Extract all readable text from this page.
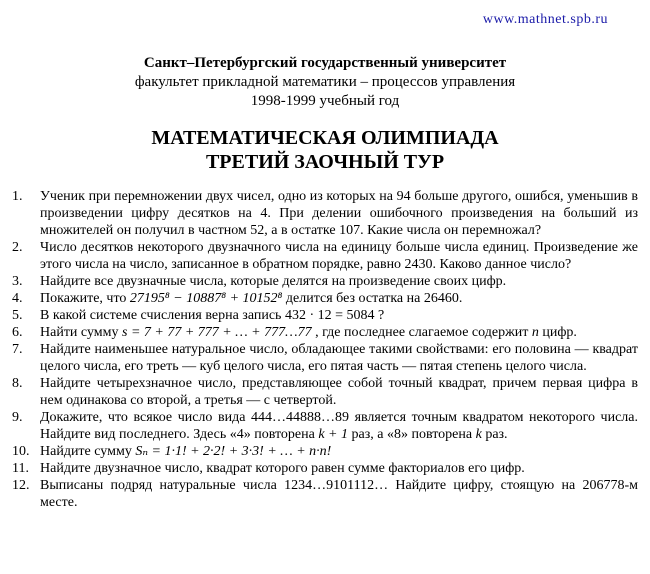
www.mathnet.spb.ru
Санкт–Петербургский государственный университет
факультет прикладной математики – процессов управления
1998-1999 учебный год
МАТЕМАТИЧЕСКАЯ ОЛИМПИАДА
ТРЕТИЙ ЗАОЧНЫЙ ТУР
1. Ученик при перемножении двух чисел, одно из которых на 94 больше другого, ошибся, уменьшив в произведении цифру десятков на 4. При делении ошибочного произведения на больший из множителей он получил в частном 52, а в остатке 107. Какие числа он перемножал?
2. Число десятков некоторого двузначного числа на единицу больше числа единиц. Произведение же этого числа на число, записанное в обратном порядке, равно 2430. Каково данное число?
3. Найдите все двузначные числа, которые делятся на произведение своих цифр.
4. Покажите, что 27195⁸ − 10887⁸ + 10152⁸ делится без остатка на 26460.
5. В какой системе счисления верна запись 432 · 12 = 5084 ?
6. Найти сумму s = 7 + 77 + 777 + … + 777…77 , где последнее слагаемое содержит n цифр.
7. Найдите наименьшее натуральное число, обладающее такими свойствами: его половина — квадрат целого числа, его треть — куб целого числа, его пятая часть — пятая степень целого числа.
8. Найдите четырехзначное число, представляющее собой точный квадрат, причем первая цифра в нем одинакова со второй, а третья — с четвертой.
9. Докажите, что всякое число вида 444…44888…89 является точным квадратом некоторого числа. Найдите вид последнего. Здесь «4» повторена k + 1 раз, а «8» повторена k раз.
10. Найдите сумму Sₙ = 1·1! + 2·2! + 3·3! + … + n·n!
11. Найдите двузначное число, квадрат которого равен сумме факториалов его цифр.
12. Выписаны подряд натуральные числа 1234…9101112… Найдите цифру, стоящую на 206778-м месте.
